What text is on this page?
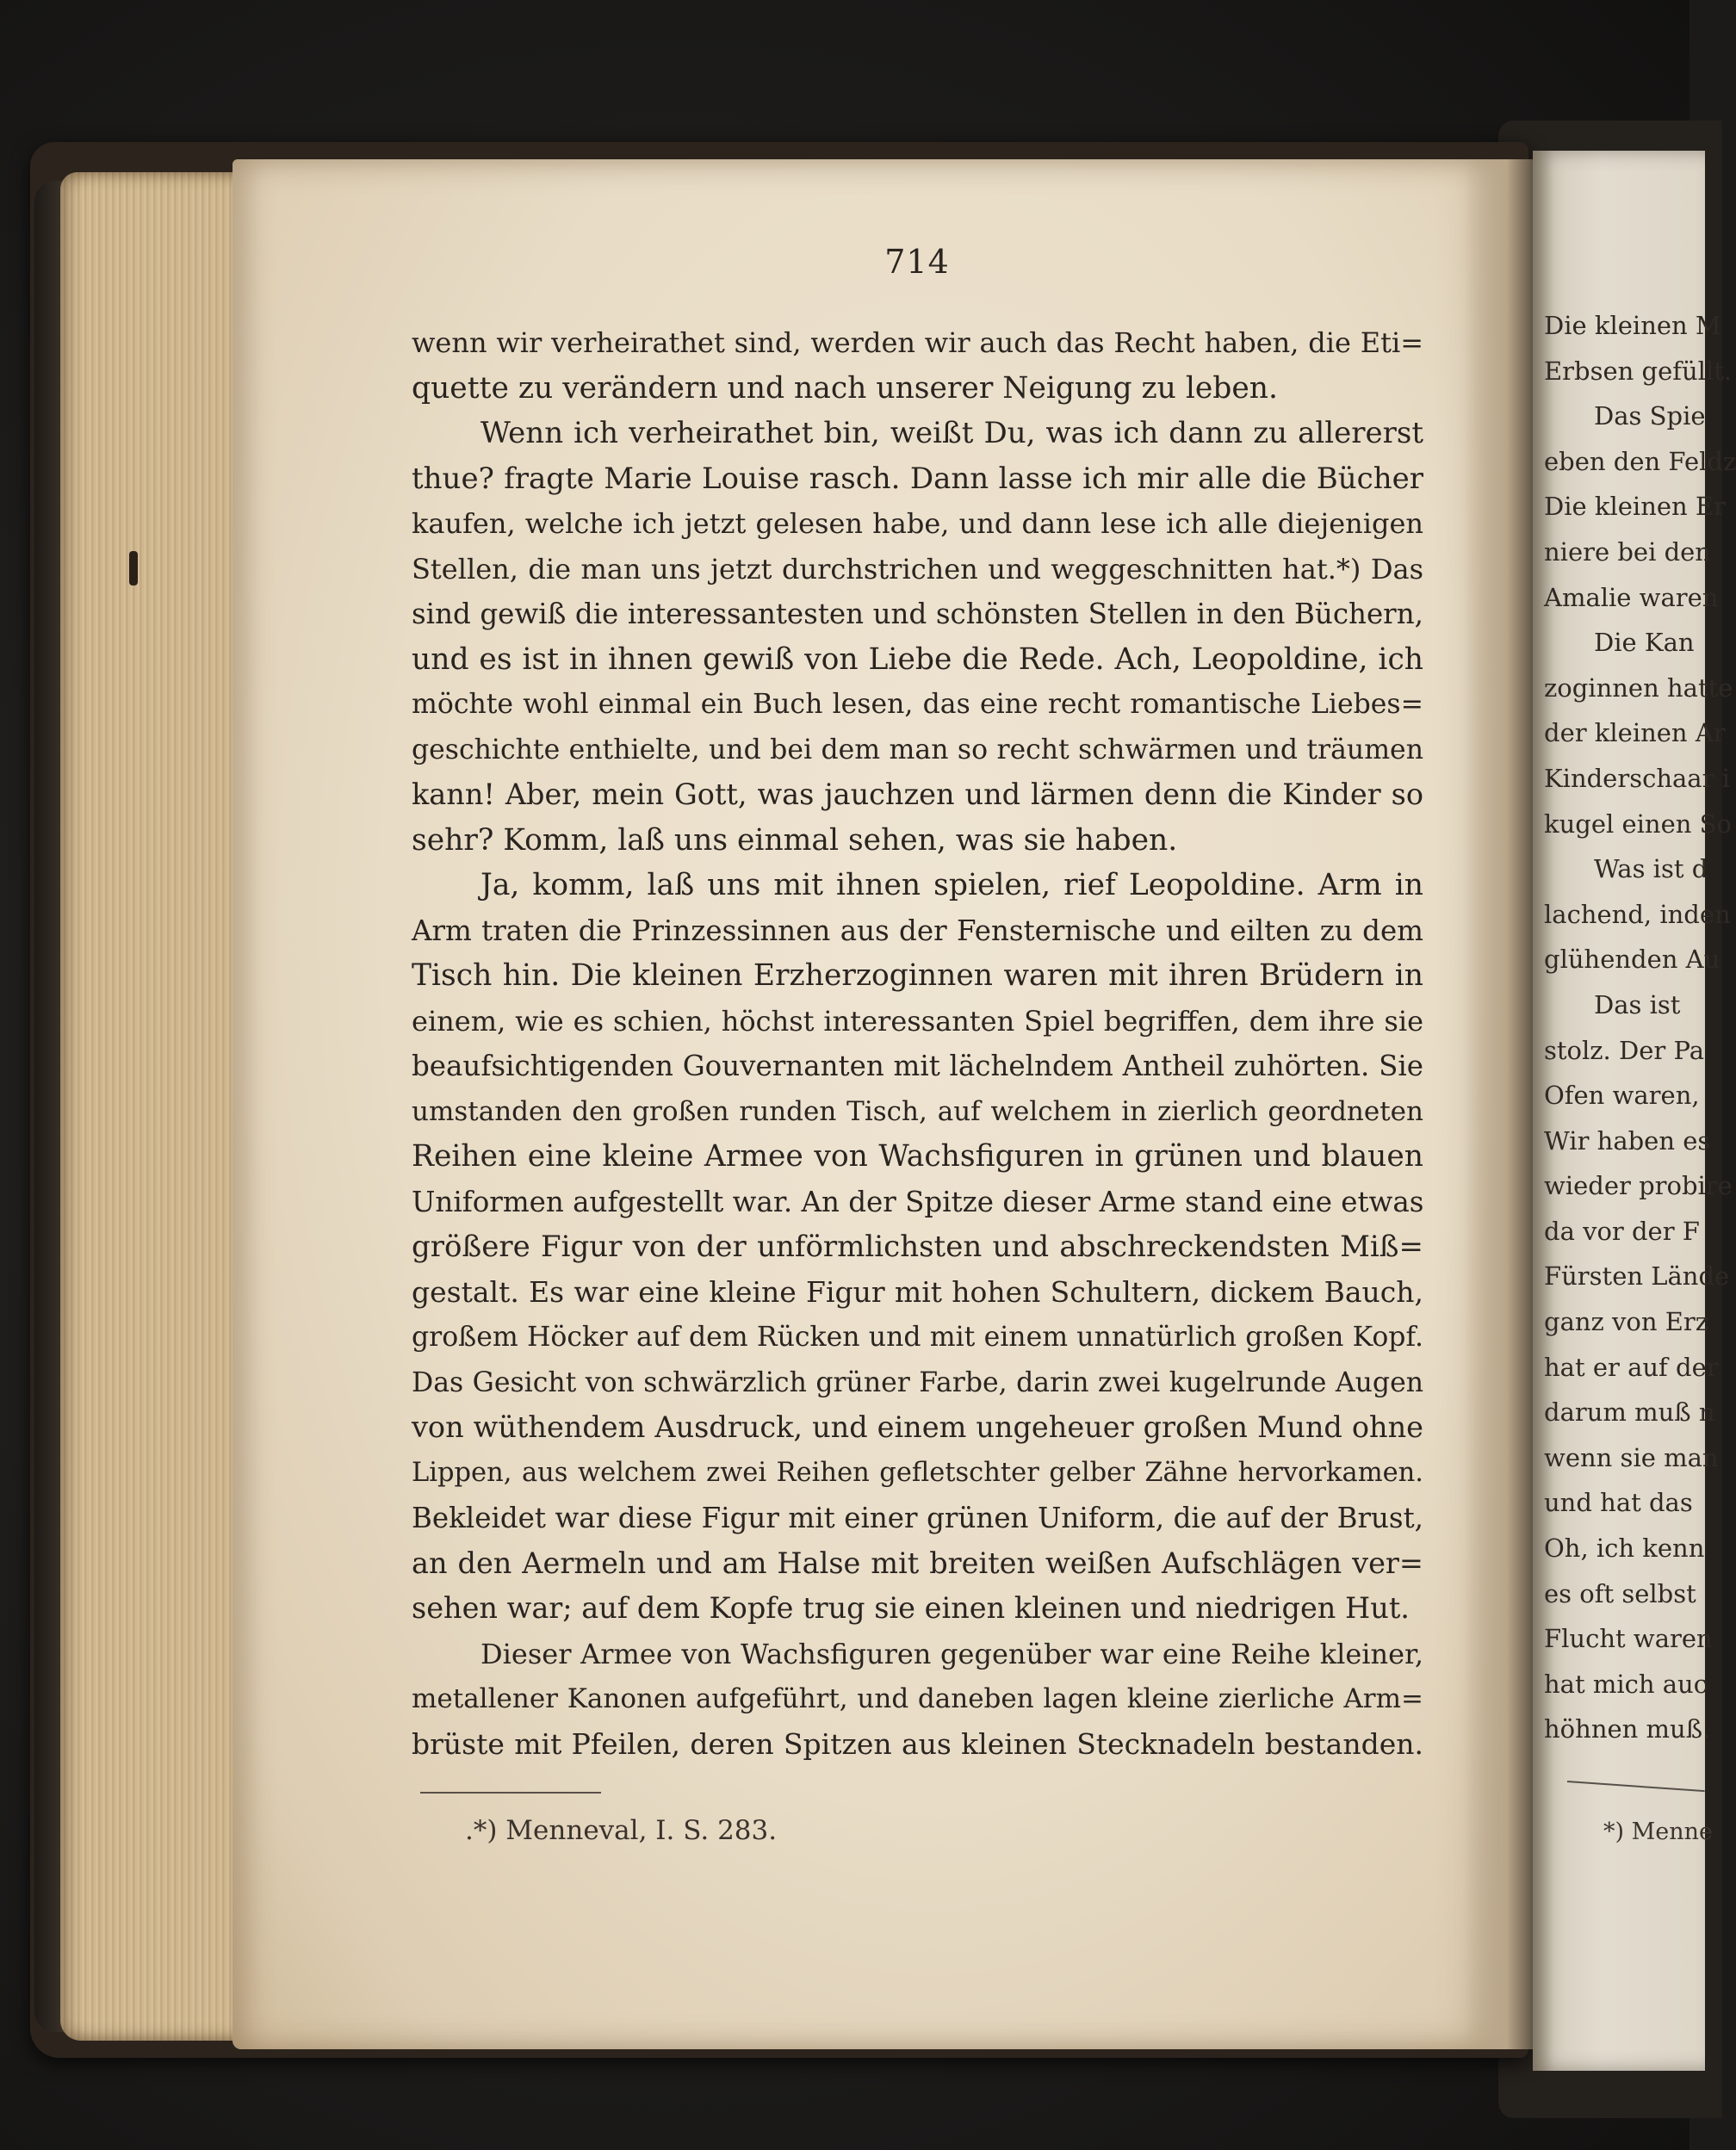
714
wenn wir verheirathet sind, werden wir auch das Recht haben, die Eti=
quette zu verändern und nach unserer Neigung zu leben.
Wenn ich verheirathet bin, weißt Du, was ich dann zu allererst
thue? fragte Marie Louise rasch. Dann lasse ich mir alle die Bücher
kaufen, welche ich jetzt gelesen habe, und dann lese ich alle diejenigen
Stellen, die man uns jetzt durchstrichen und weggeschnitten hat.*) Das
sind gewiß die interessantesten und schönsten Stellen in den Büchern,
und es ist in ihnen gewiß von Liebe die Rede. Ach, Leopoldine, ich
möchte wohl einmal ein Buch lesen, das eine recht romantische Liebes=
geschichte enthielte, und bei dem man so recht schwärmen und träumen
kann! Aber, mein Gott, was jauchzen und lärmen denn die Kinder so
sehr? Komm, laß uns einmal sehen, was sie haben.
Ja, komm, laß uns mit ihnen spielen, rief Leopoldine. Arm in
Arm traten die Prinzessinnen aus der Fensternische und eilten zu dem
Tisch hin. Die kleinen Erzherzoginnen waren mit ihren Brüdern in
einem, wie es schien, höchst interessanten Spiel begriffen, dem ihre sie
beaufsichtigenden Gouvernanten mit lächelndem Antheil zuhörten. Sie
umstanden den großen runden Tisch, auf welchem in zierlich geordneten
Reihen eine kleine Armee von Wachsfiguren in grünen und blauen
Uniformen aufgestellt war. An der Spitze dieser Arme stand eine etwas
größere Figur von der unförmlichsten und abschreckendsten Miß=
gestalt. Es war eine kleine Figur mit hohen Schultern, dickem Bauch,
großem Höcker auf dem Rücken und mit einem unnatürlich großen Kopf.
Das Gesicht von schwärzlich grüner Farbe, darin zwei kugelrunde Augen
von wüthendem Ausdruck, und einem ungeheuer großen Mund ohne
Lippen, aus welchem zwei Reihen gefletschter gelber Zähne hervorkamen.
Bekleidet war diese Figur mit einer grünen Uniform, die auf der Brust,
an den Aermeln und am Halse mit breiten weißen Aufschlägen ver=
sehen war; auf dem Kopfe trug sie einen kleinen und niedrigen Hut.
Dieser Armee von Wachsfiguren gegenüber war eine Reihe kleiner,
metallener Kanonen aufgeführt, und daneben lagen kleine zierliche Arm=
brüste mit Pfeilen, deren Spitzen aus kleinen Stecknadeln bestanden.
.*) Menneval, I. S. 283.
Die kleinen M
Erbsen gefüllt.
Das Spie
eben den Feldz
Die kleinen Er
niere bei den
Amalie waren
Die Kan
zoginnen hatte
der kleinen Ar
Kinderschaar i
kugel einen So
Was ist d
lachend, inden
glühenden Au
Das ist
stolz. Der Pa
Ofen waren,
Wir haben es
wieder probire
da vor der F
Fürsten Lände
ganz von Erz
hat er auf der
darum muß n
wenn sie man
und hat das
Oh, ich kenn
es oft selbst
Flucht waren
hat mich auc
höhnen muß.
*) Menne
